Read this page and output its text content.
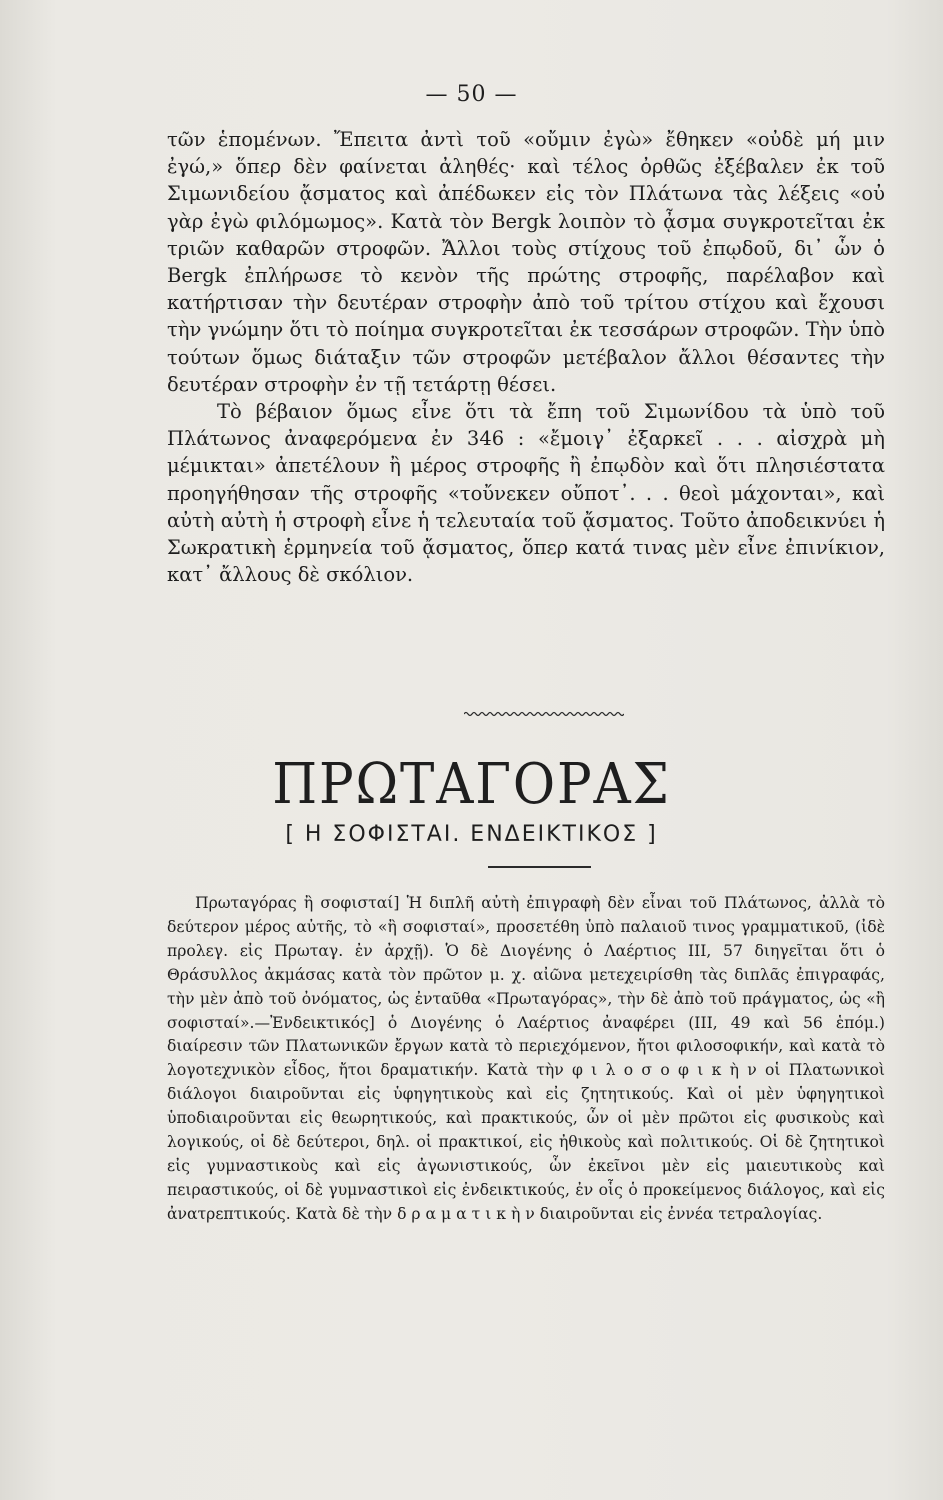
— 50 —

τῶν ἑπομένων. Ἔπειτα ἀντὶ τοῦ «οὔμιν ἐγὼ» ἔθηκεν «οὐδὲ μή μιν ἐγώ,» ὅπερ δὲν φαίνεται ἀληθές· καὶ τέλος ὀρθῶς ἐξέβαλεν ἐκ τοῦ Σιμωνιδείου ᾄσματος καὶ ἀπέδωκεν εἰς τὸν Πλάτωνα τὰς λέξεις «οὐ γὰρ ἐγὼ φιλόμωμος». Κατὰ τὸν Bergk λοιπὸν τὸ ᾆσμα συγκροτεῖται ἐκ τριῶν καθαρῶν στροφῶν. Ἄλλοι τοὺς στίχους τοῦ ἐπῳδοῦ, δι᾿ ὧν ὁ Bergk ἐπλήρωσε τὸ κενὸν τῆς πρώτης στροφῆς, παρέλαβον καὶ κατήρτισαν τὴν δευτέραν στροφὴν ἀπὸ τοῦ τρίτου στίχου καὶ ἔχουσι τὴν γνώμην ὅτι τὸ ποίημα συγκροτεῖται ἐκ τεσσάρων στροφῶν. Τὴν ὑπὸ τούτων ὅμως διάταξιν τῶν στροφῶν μετέβαλον ἄλλοι θέσαντες τὴν δευτέραν στροφὴν ἐν τῇ τετάρτῃ θέσει.

Τὸ βέβαιον ὅμως εἶνε ὅτι τὰ ἔπη τοῦ Σιμωνίδου τὰ ὑπὸ τοῦ Πλάτωνος ἀναφερόμενα ἐν 346 : «ἔμοιγ᾿ ἐξαρκεῖ . . . αἰσχρὰ μὴ μέμικται» ἀπετέλουν ἢ μέρος στροφῆς ἢ ἐπῳδὸν καὶ ὅτι πλησιέστατα προηγήθησαν τῆς στροφῆς «τοὔνεκεν οὔποτ᾿. . . θεοὶ μάχονται», καὶ αὐτὴ αὐτὴ ἡ στροφὴ εἶνε ἡ τελευταία τοῦ ᾄσματος. Τοῦτο ἀποδεικνύει ἡ Σωκρατικὴ ἑρμηνεία τοῦ ᾄσματος, ὅπερ κατά τινας μὲν εἶνε ἐπινίκιον, κατ᾿ ἄλλους δὲ σκόλιον.

ΠΡΩΤΑΓΟΡΑΣ
[ Η ΣΟΦΙΣΤΑΙ. ΕΝΔΕΙΚΤΙΚΟΣ ]

Πρωταγόρας ἢ σοφισταί] Ἡ διπλῆ αὐτὴ ἐπιγραφὴ δὲν εἶναι τοῦ Πλάτωνος, ἀλλὰ τὸ δεύτερον μέρος αὐτῆς, τὸ «ἢ σοφισταί», προσετέθη ὑπὸ παλαιοῦ τινος γραμματικοῦ, (ἰδὲ προλεγ. εἰς Πρωταγ. ἐν ἀρχῇ). Ὁ δὲ Διογένης ὁ Λαέρτιος III, 57 διηγεῖται ὅτι ὁ Θράσυλλος ἀκμάσας κατὰ τὸν πρῶτον μ. χ. αἰῶνα μετεχειρίσθη τὰς διπλᾶς ἐπιγραφάς, τὴν μὲν ἀπὸ τοῦ ὀνόματος, ὡς ἐνταῦθα «Πρωταγόρας», τὴν δὲ ἀπὸ τοῦ πράγματος, ὡς «ἢ σοφισταί».—Ἐνδεικτικός] ὁ Διογένης ὁ Λαέρτιος ἀναφέρει (III, 49 καὶ 56 ἑπόμ.) διαίρεσιν τῶν Πλατωνικῶν ἔργων κατὰ τὸ περιεχόμενον, ἤτοι φιλοσοφικήν, καὶ κατὰ τὸ λογοτεχνικὸν εἶδος, ἤτοι δραματικήν. Κατὰ τὴν φ ι λ ο σ ο φ ι κ ὴ ν οἱ Πλατωνικοὶ διάλογοι διαιροῦνται εἰς ὑφηγητικοὺς καὶ εἰς ζητητικούς. Καὶ οἱ μὲν ὑφηγητικοὶ ὑποδιαιροῦνται εἰς θεωρητικούς, καὶ πρακτικούς, ὧν οἱ μὲν πρῶτοι εἰς φυσικοὺς καὶ λογικούς, οἱ δὲ δεύτεροι, δηλ. οἱ πρακτικοί, εἰς ἠθικοὺς καὶ πολιτικούς. Οἱ δὲ ζητητικοὶ εἰς γυμναστικοὺς καὶ εἰς ἀγωνιστικούς, ὧν ἐκεῖνοι μὲν εἰς μαιευτικοὺς καὶ πειραστικούς, οἱ δὲ γυμναστικοὶ εἰς ἐνδεικτικούς, ἐν οἷς ὁ προκείμενος διάλογος, καὶ εἰς ἀνατρεπτικούς. Κατὰ δὲ τὴν δ ρ α μ α τ ι κ ὴ ν διαιροῦνται εἰς ἐννέα τετραλογίας.
